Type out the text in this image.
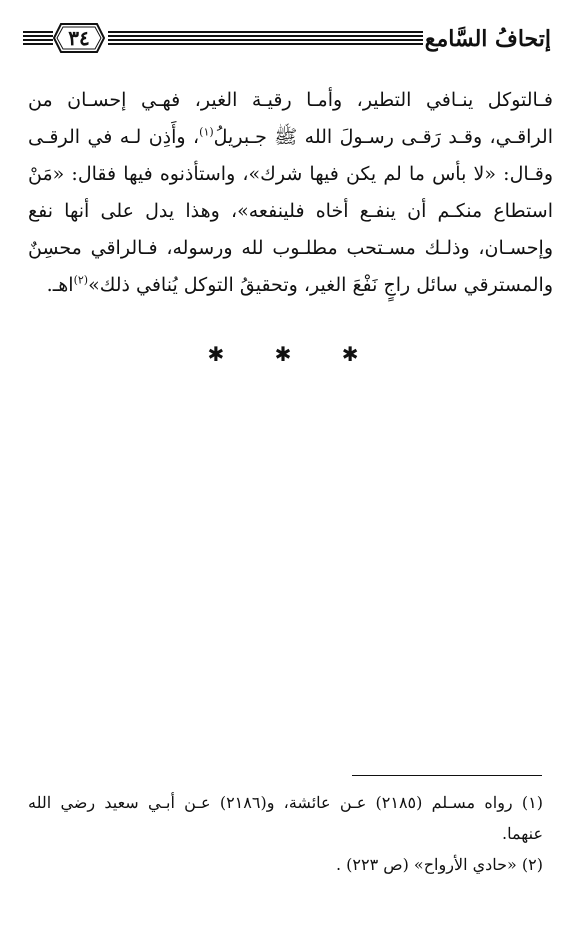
إتحافُ السَّامع
٣٤

فـالتوكل ينـافي التطير، وأمـا رقيـة الغير، فهـي إحسـان من الراقـي، وقـد رَقـى رسـولَ الله ﷺ جـبريلُ$^{(١)}$، وأَذِن لـه في الرقـى وقـال: «لا بأس ما لم يكن فيها شرك»، واستأذنوه فيها فقال: «مَنْ استطاع منكـم أن ينفـع أخاه فلينفعه»، وهذا يدل على أنها نفع وإحسـان، وذلـك مسـتحب مطلـوب لله ورسوله، فـالراقي محسِنٌ والمسترقي سائل راجٍ نَفْعَ الغير، وتحقيقُ التوكل يُنافي ذلك»$^{(٢)}$اهـ.

✱ ✱ ✱

(١) رواه مسـلم (٢١٨٥) عـن عائشة، و(٢١٨٦) عـن أبـي سعيد رضي الله عنهما.

(٢) «حادي الأرواح» (ص ٢٢٣) .
